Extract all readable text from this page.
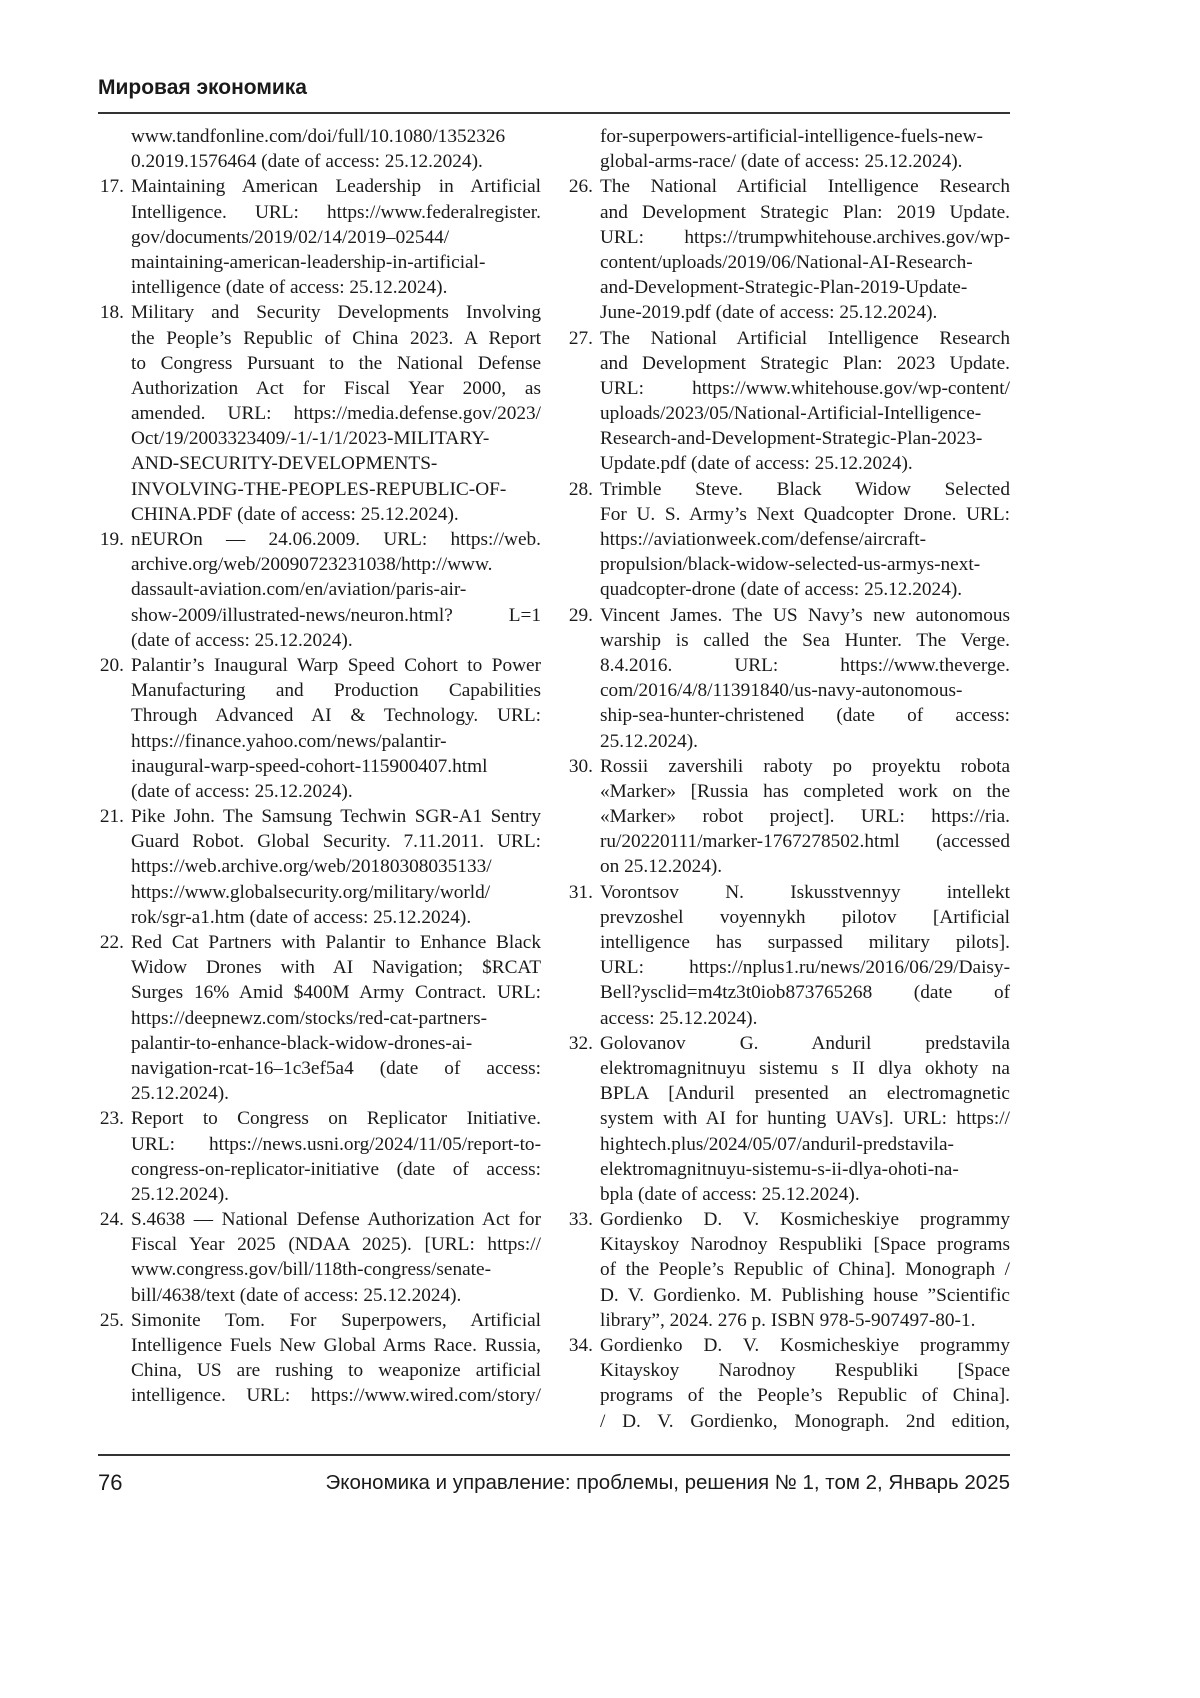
Мировая экономика
www.tandfonline.com/doi/full/10.1080/1352326
0.2019.1576464 (date of access: 25.12.2024).
17. Maintaining American Leadership in Artificial
Intelligence. URL: https://www.federalregister.
gov/documents/2019/02/14/2019–02544/
maintaining-american-leadership-in-artificial-
intelligence (date of access: 25.12.2024).
18. Military and Security Developments Involving
the People’s Republic of China 2023. A Report
to Congress Pursuant to the National Defense
Authorization Act for Fiscal Year 2000, as
amended. URL: https://media.defense.gov/2023/
Oct/19/2003323409/-1/-1/1/2023-MILITARY-
AND-SECURITY-DEVELOPMENTS-
INVOLVING-THE-PEOPLES-REPUBLIC-OF-
CHINA.PDF (date of access: 25.12.2024).
19. nEUROn — 24.06.2009. URL: https://web.
archive.org/web/20090723231038/http://www.
dassault-aviation.com/en/aviation/paris-air-
show-2009/illustrated-news/neuron.html? L=1
(date of access: 25.12.2024).
20. Palantir’s Inaugural Warp Speed Cohort to Power
Manufacturing and Production Capabilities
Through Advanced AI & Technology. URL:
https://finance.yahoo.com/news/palantir-
inaugural-warp-speed-cohort-115900407.html
(date of access: 25.12.2024).
21. Pike John. The Samsung Techwin SGR-A1 Sentry
Guard Robot. Global Security. 7.11.2011. URL:
https://web.archive.org/web/20180308035133/
https://www.globalsecurity.org/military/world/
rok/sgr-a1.htm (date of access: 25.12.2024).
22. Red Cat Partners with Palantir to Enhance Black
Widow Drones with AI Navigation; $RCAT
Surges 16% Amid $400M Army Contract. URL:
https://deepnewz.com/stocks/red-cat-partners-
palantir-to-enhance-black-widow-drones-ai-
navigation-rcat-16–1c3ef5a4 (date of access:
25.12.2024).
23. Report to Congress on Replicator Initiative.
URL: https://news.usni.org/2024/11/05/report-to-
congress-on-replicator-initiative (date of access:
25.12.2024).
24. S.4638 — National Defense Authorization Act for
Fiscal Year 2025 (NDAA 2025). [URL: https://
www.congress.gov/bill/118th-congress/senate-
bill/4638/text (date of access: 25.12.2024).
25. Simonite Tom. For Superpowers, Artificial
Intelligence Fuels New Global Arms Race. Russia,
China, US are rushing to weaponize artificial
intelligence. URL: https://www.wired.com/story/
for-superpowers-artificial-intelligence-fuels-new-
global-arms-race/ (date of access: 25.12.2024).
26. The National Artificial Intelligence Research
and Development Strategic Plan: 2019 Update.
URL: https://trumpwhitehouse.archives.gov/wp-
content/uploads/2019/06/National-AI-Research-
and-Development-Strategic-Plan-2019-Update-
June-2019.pdf (date of access: 25.12.2024).
27. The National Artificial Intelligence Research
and Development Strategic Plan: 2023 Update.
URL: https://www.whitehouse.gov/wp-content/
uploads/2023/05/National-Artificial-Intelligence-
Research-and-Development-Strategic-Plan-2023-
Update.pdf (date of access: 25.12.2024).
28. Trimble Steve. Black Widow Selected
For U. S. Army’s Next Quadcopter Drone. URL:
https://aviationweek.com/defense/aircraft-
propulsion/black-widow-selected-us-armys-next-
quadcopter-drone (date of access: 25.12.2024).
29. Vincent James. The US Navy’s new autonomous
warship is called the Sea Hunter. The Verge.
8.4.2016. URL: https://www.theverge.
com/2016/4/8/11391840/us-navy-autonomous-
ship-sea-hunter-christened (date of access:
25.12.2024).
30. Rossii zavershili raboty po proyektu robota
«Marker» [Russia has completed work on the
«Marker» robot project]. URL: https://ria.
ru/20220111/marker-1767278502.html (accessed
on 25.12.2024).
31. Vorontsov N. Iskusstvennyy intellekt
prevzoshel voyennykh pilotov [Artificial
intelligence has surpassed military pilots].
URL: https://nplus1.ru/news/2016/06/29/Daisy-
Bell?ysclid=m4tz3t0iob873765268 (date of
access: 25.12.2024).
32. Golovanov G. Anduril predstavila
elektromagnitnuyu sistemu s II dlya okhoty na
BPLA [Anduril presented an electromagnetic
system with AI for hunting UAVs]. URL: https://
hightech.plus/2024/05/07/anduril-predstavila-
elektromagnitnuyu-sistemu-s-ii-dlya-ohoti-na-
bpla (date of access: 25.12.2024).
33. Gordienko D. V. Kosmicheskiye programmy
Kitayskoy Narodnoy Respubliki [Space programs
of the People’s Republic of China]. Monograph /
D. V. Gordienko. M. Publishing house ”Scientific
library”, 2024. 276 p. ISBN 978-5-907497-80-1.
34. Gordienko D. V. Kosmicheskiye programmy
Kitayskoy Narodnoy Respubliki [Space
programs of the People’s Republic of China].
/ D. V. Gordienko, Monograph. 2nd edition,
76	Экономика и управление: проблемы, решения № 1, том 2, Январь 2025
